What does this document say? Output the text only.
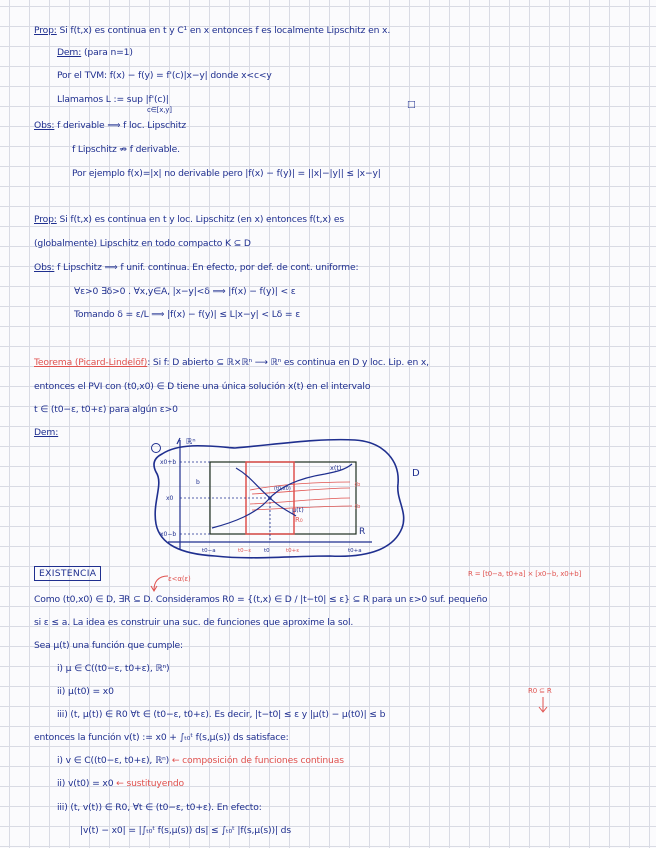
Prop: Si f(t,x) es continua en t y C¹ en x entonces f es localmente Lipschitz en x.
Dem: (para n=1)
Por el TVM: f(x) − f(y) = f'(c)|x−y| donde x<c<y
Llamamos L := sup |f'(c)|
c∈[x,y]	□
Obs: f derivable ⟹ f loc. Lipschitz
f Lipschitz ⇏ f derivable.
Por ejemplo f(x)=|x| no derivable pero |f(x) − f(y)| = ||x|−|y|| ≤ |x−y|
Prop: Si f(t,x) es continua en t y loc. Lipschitz (en x) entonces f(t,x) es
(globalmente) Lipschitz en todo compacto K ⊆ D
Obs: f Lipschitz ⟹ f unif. continua. En efecto, por def. de cont. uniforme:
∀ε>0 ∃δ>0 . ∀x,y∈A, |x−y|<δ ⟹ |f(x) − f(y)| < ε
Tomando δ = ε/L ⟹ |f(x) − f(y)| ≤ L|x−y| < Lδ = ε
Teorema (Picard-Lindelöf): Si f: D abierto ⊆ ℝ×ℝⁿ ⟶ ℝⁿ es continua en D y loc. Lip. en x,
entonces el PVI con (t0,x0) ∈ D tiene una única solución x(t) en el intervalo
t ∈ (t0−ε, t0+ε) para algún ε>0
Dem:
ℝⁿ
D
R
R₀
x(t)
μ(t)
(t0,x0)
x0+b
x0
x0−b
t0−a	t0−ε t0	t0+ε	t0+a
b	{b
{b
EXISTENCIA	ε<α(ε)
R = [t0−a, t0+a] × [x0−b, x0+b]
Como (t0,x0) ∈ D, ∃R ⊆ D. Consideramos R0 = {(t,x) ∈ D / |t−t0| ≤ ε} ⊆ R para un ε>0 suf. pequeño
si ε ≤ a. La idea es construir una suc. de funciones que aproxime la sol.
Sea μ(t) una función que cumple:
i) μ ∈ C((t0−ε, t0+ε), ℝⁿ)
ii) μ(t0) = x0	R0 ⊆ R
iii) (t, μ(t)) ∈ R0 ∀t ∈ (t0−ε, t0+ε). Es decir, |t−t0| ≤ ε y |μ(t) − μ(t0)| ≤ b
entonces la función v(t) := x0 + ∫ₜ₀ᵗ f(s,μ(s)) ds satisface:
i) v ∈ C((t0−ε, t0+ε), ℝⁿ) ← composición de funciones continuas
ii) v(t0) = x0 ← sustituyendo
iii) (t, v(t)) ∈ R0, ∀t ∈ (t0−ε, t0+ε). En efecto:
|v(t) − x0| = |∫ₜ₀ᵗ f(s,μ(s)) ds| ≤ ∫ₜ₀ᵗ |f(s,μ(s))| ds
